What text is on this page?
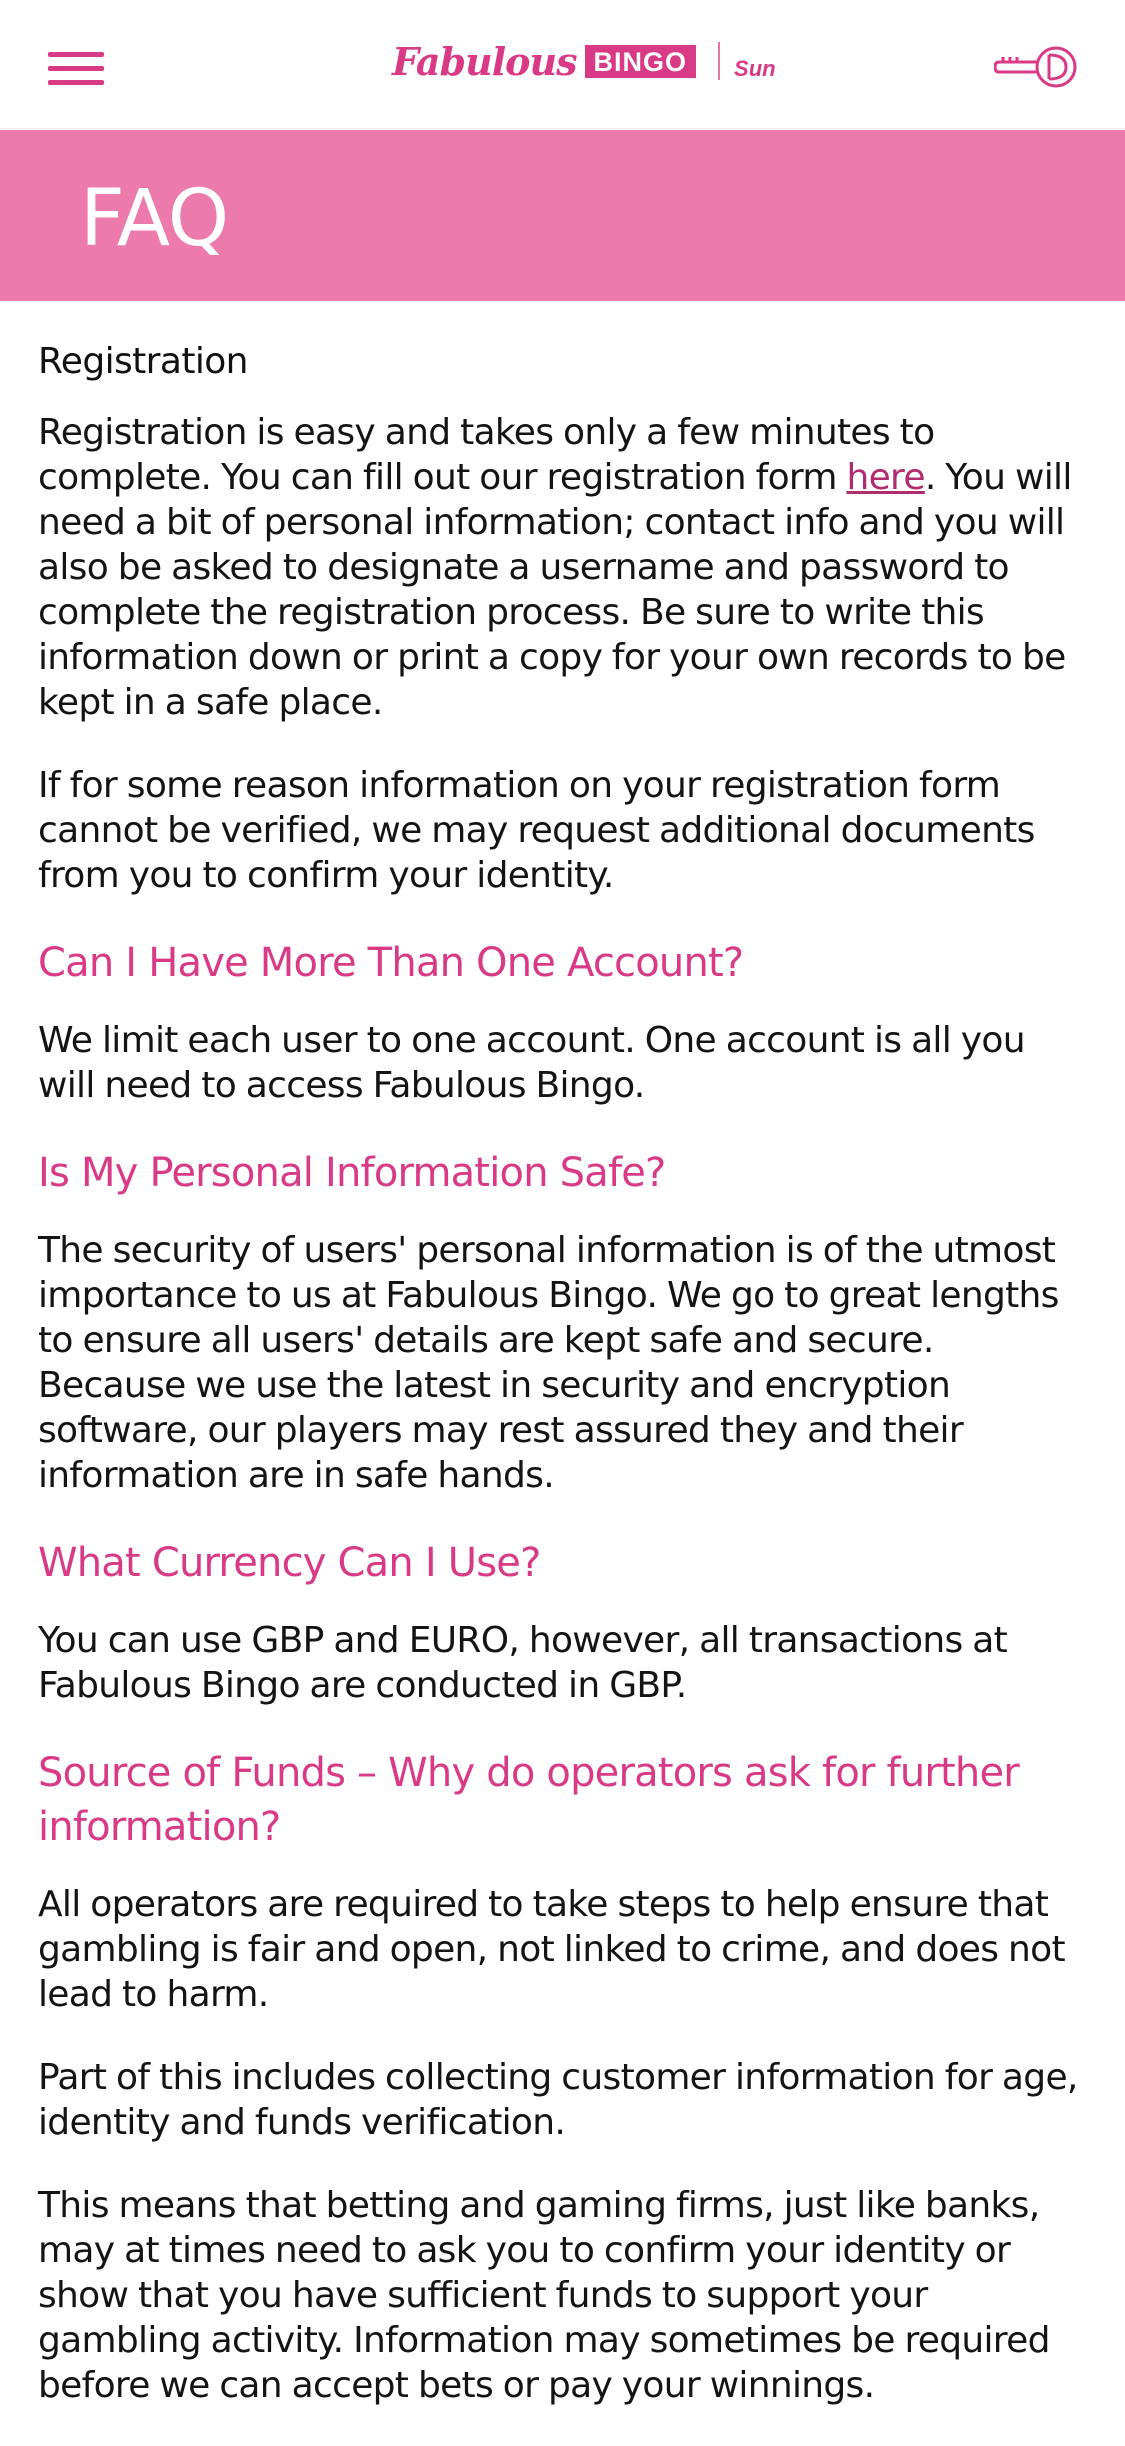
Fabulous BINGO	Sun
FAQ
Registration

Registration is easy and takes only a few minutes to complete. You can fill out our registration form here. You will need a bit of personal information; contact info and you will also be asked to designate a username and password to complete the registration process. Be sure to write this information down or print a copy for your own records to be kept in a safe place.

If for some reason information on your registration form cannot be verified, we may request additional documents from you to confirm your identity.

Can I Have More Than One Account?

We limit each user to one account. One account is all you will need to access Fabulous Bingo.

Is My Personal Information Safe?

The security of users' personal information is of the utmost importance to us at Fabulous Bingo. We go to great lengths to ensure all users' details are kept safe and secure. Because we use the latest in security and encryption software, our players may rest assured they and their information are in safe hands.

What Currency Can I Use?

You can use GBP and EURO, however, all transactions at Fabulous Bingo are conducted in GBP.

Source of Funds – Why do operators ask for further information?

All operators are required to take steps to help ensure that gambling is fair and open, not linked to crime, and does not lead to harm.

Part of this includes collecting customer information for age, identity and funds verification.

This means that betting and gaming firms, just like banks, may at times need to ask you to confirm your identity or show that you have sufficient funds to support your gambling activity. Information may sometimes be required before we can accept bets or pay your winnings.
